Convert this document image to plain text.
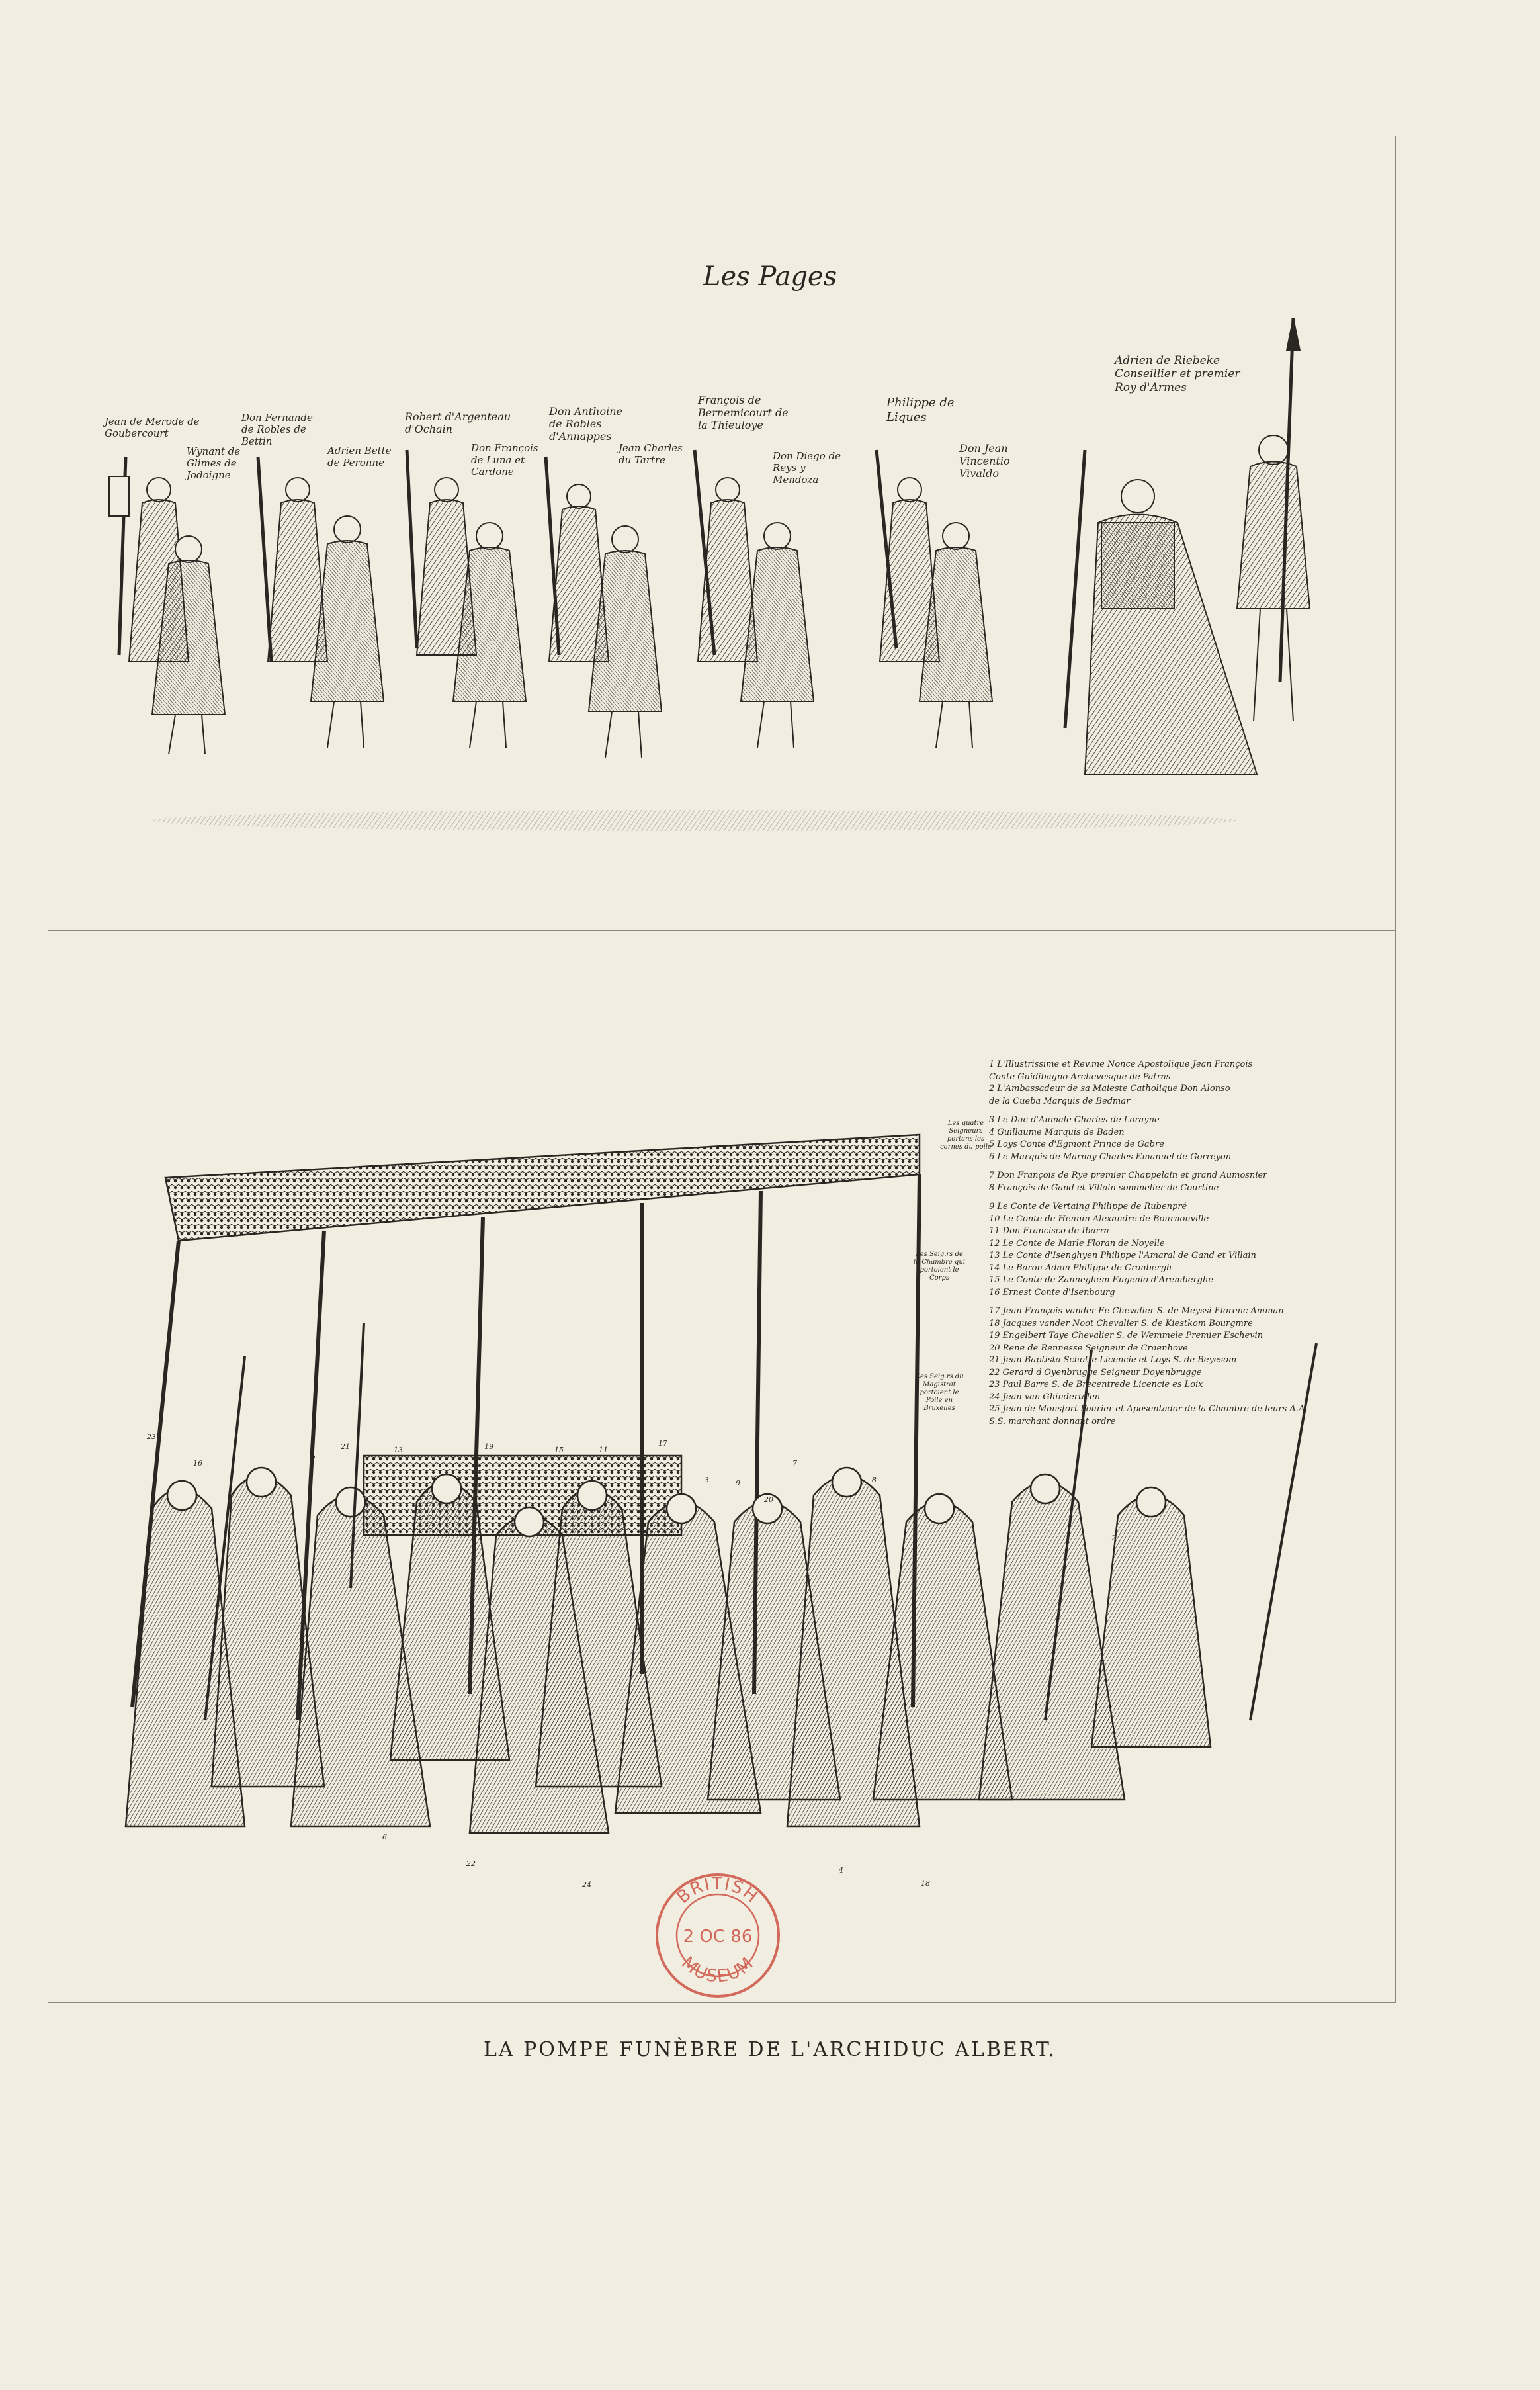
Les Pages
Jean de Merode de
Goubercourt
Wynant de
Glimes de
Jodoigne
Don Fernande
de Robles de
Bettin
Adrien Bette
de Peronne
Robert d'Argenteau
d'Ochain
Don François
de Luna et
Cardone
Don Anthoine
de Robles
d'Annappes
Jean Charles
du Tartre
François de
Bernemicourt de
la Thieuloye
Don Diego de
Reys y
Mendoza
Philippe de
Liques
Don Jean
Vincentio
Vivaldo
Adrien de Riebeke
Conseillier et premier
Roy d'Armes
23
16
5
21	13	19	15	11
17
3	9
20
7
8
1
2
6
22
24
4
18
Les quatre Seigneurs portans les cornes du poile
Les Seig.rs de la Chambre qui portoient le Corps
Ces Seig.rs du Magistrat portoient le Poile en Bruxelles
1 L'Illustrissime et Rev.me Nonce Apostolique Jean François
Conte Guidibagno Archevesque de Patras
2 L'Ambassadeur de sa Maieste Catholique Don Alonso
de la Cueba Marquis de Bedmar
3 Le Duc d'Aumale Charles de Lorayne
4 Guillaume Marquis de Baden
5 Loys Conte d'Egmont Prince de Gabre
6 Le Marquis de Marnay Charles Emanuel de Gorreyon
7 Don François de Rye premier Chappelain et grand Aumosnier
8 François de Gand et Villain sommelier de Courtine
9 Le Conte de Vertaing Philippe de Rubenpré
10 Le Conte de Hennin Alexandre de Bournonville
11 Don Francisco de Ibarra
12 Le Conte de Marle Floran de Noyelle
13 Le Conte d'Isenghyen Philippe l'Amaral de Gand et Villain
14 Le Baron Adam Philippe de Cronbergh
15 Le Conte de Zanneghem Eugenio d'Aremberghe
16 Ernest Conte d'Isenbourg
17 Jean François vander Ee Chevalier S. de Meyssi Florenc Amman
18 Jacques vander Noot Chevalier S. de Kiestkom Bourgmre
19 Engelbert Taye Chevalier S. de Wemmele Premier Eschevin
20 Rene de Rennesse Seigneur de Craenhove
21 Jean Baptista Schotte Licencie et Loys S. de Beyesom
22 Gerard d'Oyenbrugge Seigneur Doyenbrugge
23 Paul Barre S. de Brecentrede Licencie es Loix
24 Jean van Ghindertalen
25 Jean de Monsfort Fourier et Aposentador de la Chambre de leurs A.A.
S.S. marchant donnant ordre
BRITISH
2 OC 86
MUSEUM
LA POMPE FUNÈBRE DE L'ARCHIDUC ALBERT.
